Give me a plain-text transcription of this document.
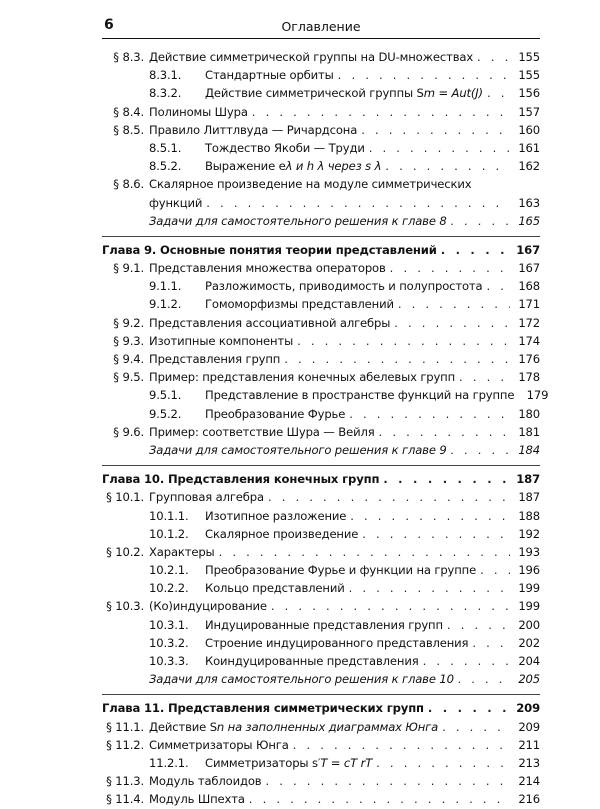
6	Оглавление
§ 8.3. Действие симметрической группы на DU-множествах . . .	155
8.3.1.	Стандартные орбиты . . .	155
8.3.2.	Действие симметрической группы Sm = Aut(J) . . .	156
§ 8.4. Полиномы Шура . . .	157
§ 8.5. Правило Литтлвуда — Ричардсона . . .	160
8.5.1.	Тождество Якоби — Труди . . .	161
8.5.2.	Выражение eλ и h λ через s λ . . .	162
§ 8.6. Скалярное произведение на модуле симметрических
функций . . .	163
Задачи для самостоятельного решения к главе 8 . . .	165
Глава 9. Основные понятия теории представлений . . .	167
§ 9.1. Представления множества операторов . . .	167
9.1.1.	Разложимость, приводимость и полупростота . . .	168
9.1.2.	Гомоморфизмы представлений . . .	171
§ 9.2. Представления ассоциативной алгебры . . .	172
§ 9.3. Изотипные компоненты . . .	174
§ 9.4. Представления групп . . .	176
§ 9.5. Пример: представления конечных абелевых групп . . .	178
9.5.1.	Представление в пространстве функций на группе	179
9.5.2.	Преобразование Фурье . . .	180
§ 9.6. Пример: соответствие Шура — Вейля . . .	181
Задачи для самостоятельного решения к главе 9 . . .	184
Глава 10. Представления конечных групп . . .	187
§ 10.1. Групповая алгебра . . .	187
10.1.1.	Изотипное разложение . . .	188
10.1.2.	Скалярное произведение . . .	192
§ 10.2. Характеры . . .	193
10.2.1.	Преобразование Фурье и функции на группе . . .	196
10.2.2.	Кольцо представлений . . .	199
§ 10.3. (Ко)индуцирование . . .	199
10.3.1.	Индуцированные представления групп . . .	200
10.3.2.	Строение индуцированного представления . . .	202
10.3.3.	Коиндуцированные представления . . .	204
Задачи для самостоятельного решения к главе 10 . . .	205
Глава 11. Представления симметрических групп . . .	209
§ 11.1. Действие Sn на заполненных диаграммах Юнга . . .	209
§ 11.2. Симметризаторы Юнга . . .	211
11.2.1.	Симметризаторы s′T = cT rT . . .	213
§ 11.3. Модуль таблоидов . . .	214
§ 11.4. Модуль Шпехта . . .	216
